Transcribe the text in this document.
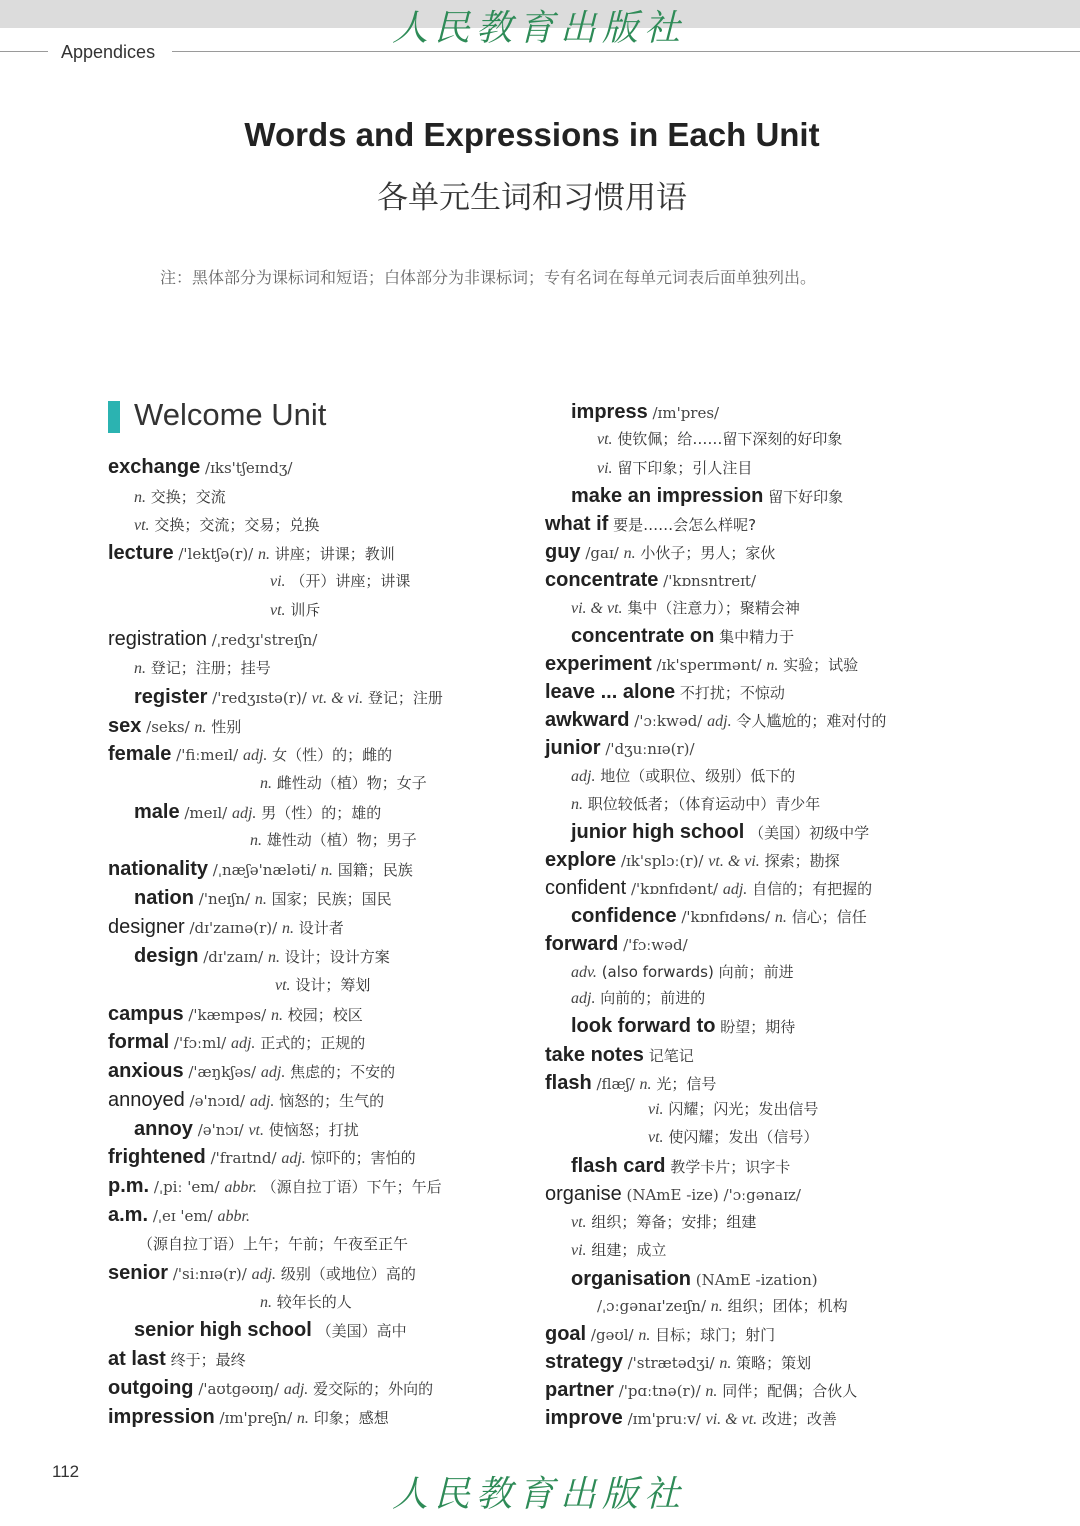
人民教育出版社
Appendices
Words and Expressions in Each Unit
各单元生词和习惯用语
注：黑体部分为课标词和短语；白体部分为非课标词；专有名词在每单元词表后面单独列出。
Welcome Unit
exchange /ɪks'tʃeɪndʒ/
n. 交换；交流
vt. 交换；交流；交易；兑换
lecture /'lektʃə(r)/ n. 讲座；讲课；教训
vi. （开）讲座；讲课
vt. 训斥
registration /ˌredʒɪ'streɪʃn/
n. 登记；注册；挂号
register /'redʒɪstə(r)/ vt. & vi. 登记；注册
sex /seks/ n. 性别
female /'fiːmeɪl/ adj. 女（性）的；雌的
n. 雌性动（植）物；女子
male /meɪl/ adj. 男（性）的；雄的
n. 雄性动（植）物；男子
nationality /ˌnæʃə'næləti/ n. 国籍；民族
nation /'neɪʃn/ n. 国家；民族；国民
designer /dɪ'zaɪnə(r)/ n. 设计者
design /dɪ'zaɪn/ n. 设计；设计方案
vt. 设计；筹划
campus /'kæmpəs/ n. 校园；校区
formal /'fɔːml/ adj. 正式的；正规的
anxious /'æŋkʃəs/ adj. 焦虑的；不安的
annoyed /ə'nɔɪd/ adj. 恼怒的；生气的
annoy /ə'nɔɪ/ vt. 使恼怒；打扰
frightened /'fraɪtnd/ adj. 惊吓的；害怕的
p.m. /ˌpiː 'em/ abbr. （源自拉丁语）下午；午后
a.m. /ˌeɪ 'em/ abbr.
（源自拉丁语）上午；午前；午夜至正午
senior /'siːnɪə(r)/ adj. 级别（或地位）高的
n. 较年长的人
senior high school （美国）高中
at last 终于；最终
outgoing /'aʊtgəʊɪŋ/ adj. 爱交际的；外向的
impression /ɪm'preʃn/ n. 印象；感想
impress /ɪm'pres/
vt. 使钦佩；给……留下深刻的好印象
vi. 留下印象；引人注目
make an impression 留下好印象
what if 要是……会怎么样呢?
guy /gaɪ/ n. 小伙子；男人；家伙
concentrate /'kɒnsntreɪt/
vi. & vt. 集中（注意力）；聚精会神
concentrate on 集中精力于
experiment /ɪk'sperɪmənt/ n. 实验；试验
leave ... alone 不打扰；不惊动
awkward /'ɔːkwəd/ adj. 令人尴尬的；难对付的
junior /'dʒuːnɪə(r)/
adj. 地位（或职位、级别）低下的
n. 职位较低者；（体育运动中）青少年
junior high school （美国）初级中学
explore /ɪk'splɔː(r)/ vt. & vi. 探索；勘探
confident /'kɒnfɪdənt/ adj. 自信的；有把握的
confidence /'kɒnfɪdəns/ n. 信心；信任
forward /'fɔːwəd/
adv. (also forwards) 向前；前进
adj. 向前的；前进的
look forward to 盼望；期待
take notes 记笔记
flash /flæʃ/ n. 光；信号
vi. 闪耀；闪光；发出信号
vt. 使闪耀；发出（信号）
flash card 教学卡片；识字卡
organise (NAmE -ize) /'ɔːgənaɪz/
vt. 组织；筹备；安排；组建
vi. 组建；成立
organisation (NAmE -ization)
/ˌɔːgənaɪ'zeɪʃn/ n. 组织；团体；机构
goal /gəʊl/ n. 目标；球门；射门
strategy /'strætədʒi/ n. 策略；策划
partner /'pɑːtnə(r)/ n. 同伴；配偶；合伙人
improve /ɪm'pruːv/ vi. & vt. 改进；改善
112
人民教育出版社
